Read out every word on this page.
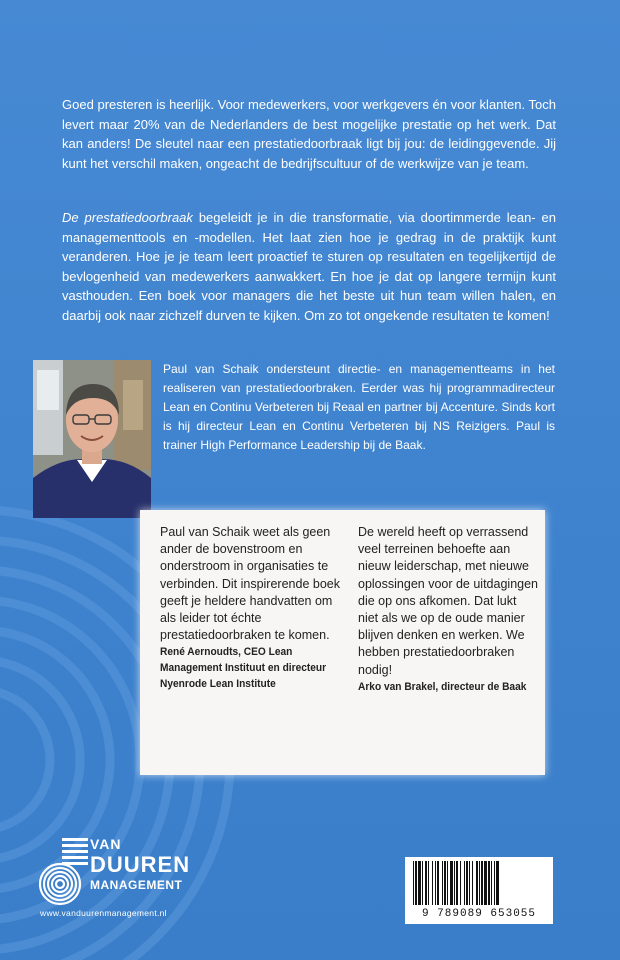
Goed presteren is heerlijk. Voor medewerkers, voor werkgevers én voor klanten. Toch levert maar 20% van de Nederlanders de best mogelijke prestatie op het werk. Dat kan anders! De sleutel naar een prestatiedoorbraak ligt bij jou: de leidinggevende. Jij kunt het verschil maken, ongeacht de bedrijfscultuur of de werkwijze van je team.

De prestatiedoorbraak begeleidt je in die transformatie, via doortimmerde lean- en managementtools en -modellen. Het laat zien hoe je gedrag in de praktijk kunt veranderen. Hoe je je team leert proactief te sturen op resultaten en tegelijkertijd de bevlogenheid van medewerkers aanwakkert. En hoe je dat op langere termijn kunt vasthouden. Een boek voor managers die het beste uit hun team willen halen, en daarbij ook naar zichzelf durven te kijken. Om zo tot ongekende resultaten te komen!

Paul van Schaik ondersteunt directie- en managementteams in het realiseren van prestatiedoorbraken. Eerder was hij programmadirecteur Lean en Continu Verbeteren bij Reaal en partner bij Accenture. Sinds kort is hij directeur Lean en Continu Verbeteren bij NS Reizigers. Paul is trainer High Performance Leadership bij de Baak.

Paul van Schaik weet als geen ander de bovenstroom en onderstroom in organisaties te verbinden. Dit inspirerende boek geeft je heldere handvatten om als leider tot échte prestatiedoorbraken te komen.
René Aernoudts, CEO Lean Management Instituut en directeur Nyenrode Lean Institute
De wereld heeft op verrassend veel terreinen behoefte aan nieuw leiderschap, met nieuwe oplossingen voor de uitdagingen die op ons afkomen. Dat lukt niet als we op de oude manier blijven denken en werken. We hebben prestatiedoorbraken nodig!
Arko van Brakel, directeur de Baak
VAN
DUUREN
MANAGEMENT
www.vanduurenmanagement.nl	9 789089 653055
